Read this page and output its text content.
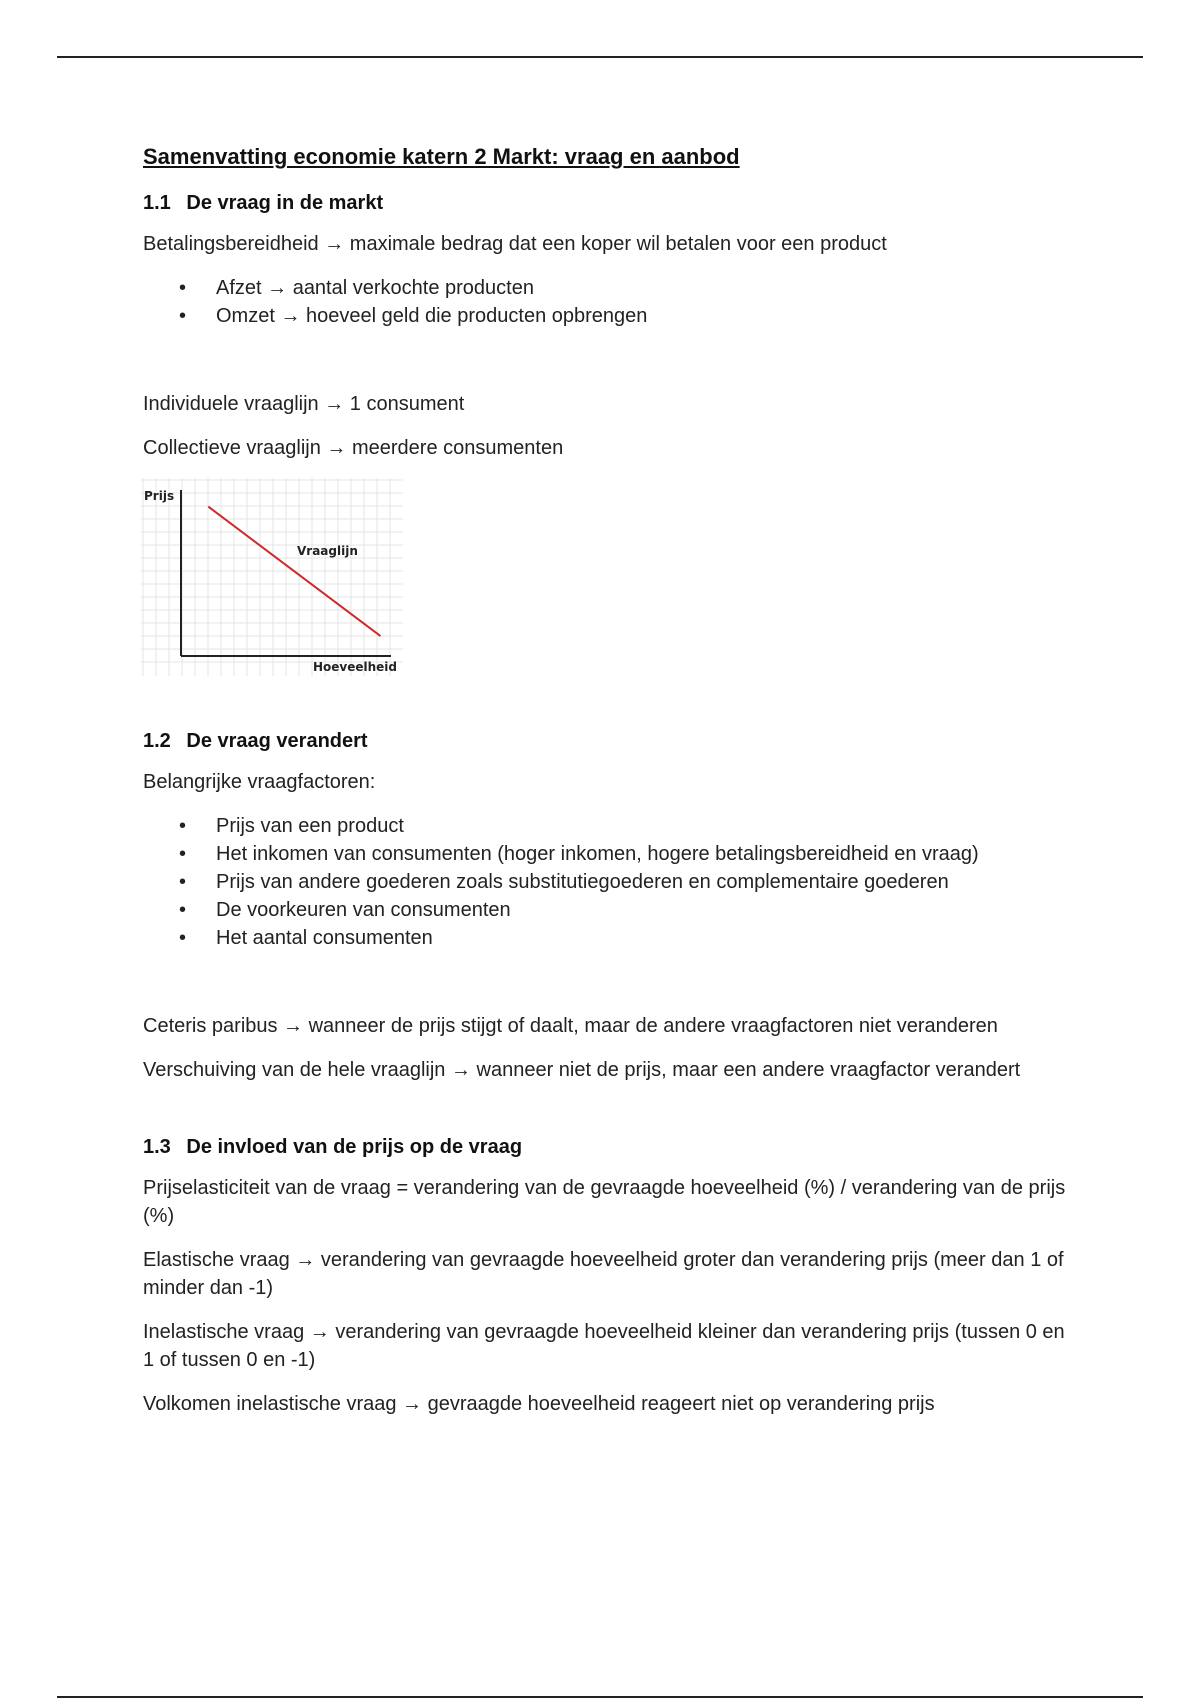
Samenvatting economie katern 2 Markt: vraag en aanbod
1.1 De vraag in de markt

Betalingsbereidheid → maximale bedrag dat een koper wil betalen voor een product

• Afzet → aantal verkochte producten
• Omzet → hoeveel geld die producten opbrengen

Individuele vraaglijn → 1 consument

Collectieve vraaglijn → meerdere consumenten

Prijs
Hoeveelheid
Vraaglijn
1.2 De vraag verandert

Belangrijke vraagfactoren:

• Prijs van een product
• Het inkomen van consumenten (hoger inkomen, hogere betalingsbereidheid en vraag)
• Prijs van andere goederen zoals substitutiegoederen en complementaire goederen
• De voorkeuren van consumenten
• Het aantal consumenten

Ceteris paribus → wanneer de prijs stijgt of daalt, maar de andere vraagfactoren niet veranderen

Verschuiving van de hele vraaglijn → wanneer niet de prijs, maar een andere vraagfactor verandert

1.3 De invloed van de prijs op de vraag

Prijselasticiteit van de vraag = verandering van de gevraagde hoeveelheid (%) / verandering van de prijs (%)

Elastische vraag → verandering van gevraagde hoeveelheid groter dan verandering prijs (meer dan 1 of minder dan -1)

Inelastische vraag → verandering van gevraagde hoeveelheid kleiner dan verandering prijs (tussen 0 en 1 of tussen 0 en -1)

Volkomen inelastische vraag → gevraagde hoeveelheid reageert niet op verandering prijs
